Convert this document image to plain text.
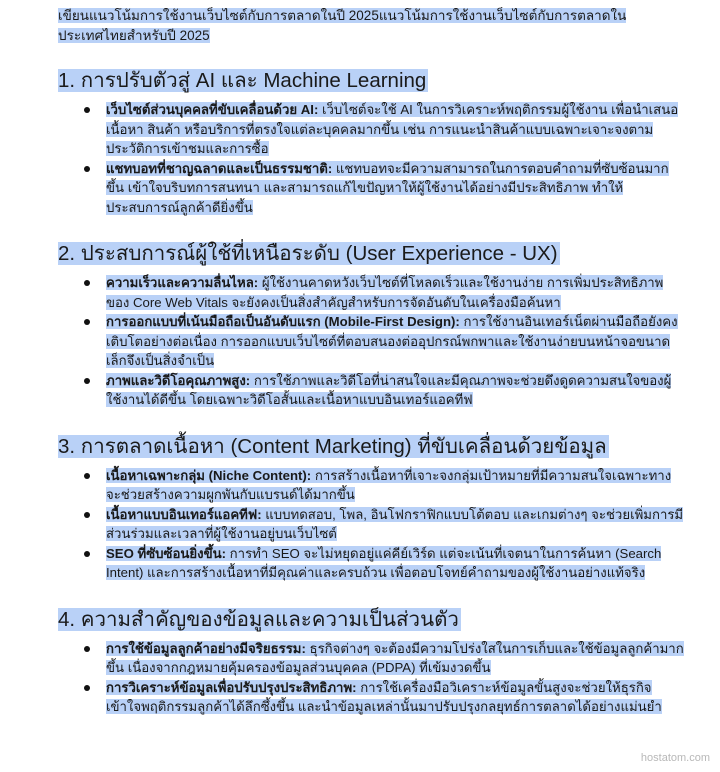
เขียนแนวโน้มการใช้งานเว็บไซต์กับการตลาดในปี 2025แนวโน้มการใช้งานเว็บไซต์กับการตลาดในประเทศไทยสำหรับปี 2025

1. การปรับตัวสู่ AI และ Machine Learning
เว็บไซต์ส่วนบุคคลที่ขับเคลื่อนด้วย AI: เว็บไซต์จะใช้ AI ในการวิเคราะห์พฤติกรรมผู้ใช้งาน เพื่อนำเสนอเนื้อหา สินค้า หรือบริการที่ตรงใจแต่ละบุคคลมากขึ้น เช่น การแนะนำสินค้าแบบเฉพาะเจาะจงตามประวัติการเข้าชมและการซื้อ
แชทบอทที่ชาญฉลาดและเป็นธรรมชาติ: แชทบอทจะมีความสามารถในการตอบคำถามที่ซับซ้อนมากขึ้น เข้าใจบริบทการสนทนา และสามารถแก้ไขปัญหาให้ผู้ใช้งานได้อย่างมีประสิทธิภาพ ทำให้ประสบการณ์ลูกค้าดียิ่งขึ้น
2. ประสบการณ์ผู้ใช้ที่เหนือระดับ (User Experience - UX)
ความเร็วและความลื่นไหล: ผู้ใช้งานคาดหวังเว็บไซต์ที่โหลดเร็วและใช้งานง่าย การเพิ่มประสิทธิภาพของ Core Web Vitals จะยังคงเป็นสิ่งสำคัญสำหรับการจัดอันดับในเครื่องมือค้นหา
การออกแบบที่เน้นมือถือเป็นอันดับแรก (Mobile-First Design): การใช้งานอินเทอร์เน็ตผ่านมือถือยังคงเติบโตอย่างต่อเนื่อง การออกแบบเว็บไซต์ที่ตอบสนองต่ออุปกรณ์พกพาและใช้งานง่ายบนหน้าจอขนาดเล็กจึงเป็นสิ่งจำเป็น
ภาพและวิดีโอคุณภาพสูง: การใช้ภาพและวิดีโอที่น่าสนใจและมีคุณภาพจะช่วยดึงดูดความสนใจของผู้ใช้งานได้ดีขึ้น โดยเฉพาะวิดีโอสั้นและเนื้อหาแบบอินเทอร์แอคทีฟ
3. การตลาดเนื้อหา (Content Marketing) ที่ขับเคลื่อนด้วยข้อมูล
เนื้อหาเฉพาะกลุ่ม (Niche Content): การสร้างเนื้อหาที่เจาะจงกลุ่มเป้าหมายที่มีความสนใจเฉพาะทางจะช่วยสร้างความผูกพันกับแบรนด์ได้มากขึ้น
เนื้อหาแบบอินเทอร์แอคทีฟ: แบบทดสอบ, โพล, อินโฟกราฟิกแบบโต้ตอบ และเกมต่างๆ จะช่วยเพิ่มการมีส่วนร่วมและเวลาที่ผู้ใช้งานอยู่บนเว็บไซต์
SEO ที่ซับซ้อนยิ่งขึ้น: การทำ SEO จะไม่หยุดอยู่แค่คีย์เวิร์ด แต่จะเน้นที่เจตนาในการค้นหา (Search Intent) และการสร้างเนื้อหาที่มีคุณค่าและครบถ้วน เพื่อตอบโจทย์คำถามของผู้ใช้งานอย่างแท้จริง
4. ความสำคัญของข้อมูลและความเป็นส่วนตัว
การใช้ข้อมูลลูกค้าอย่างมีจริยธรรม: ธุรกิจต่างๆ จะต้องมีความโปร่งใสในการเก็บและใช้ข้อมูลลูกค้ามากขึ้น เนื่องจากกฎหมายคุ้มครองข้อมูลส่วนบุคคล (PDPA) ที่เข้มงวดขึ้น
การวิเคราะห์ข้อมูลเพื่อปรับปรุงประสิทธิภาพ: การใช้เครื่องมือวิเคราะห์ข้อมูลขั้นสูงจะช่วยให้ธุรกิจเข้าใจพฤติกรรมลูกค้าได้ลึกซึ้งขึ้น และนำข้อมูลเหล่านั้นมาปรับปรุงกลยุทธ์การตลาดได้อย่างแม่นยำ
hostatom.com
